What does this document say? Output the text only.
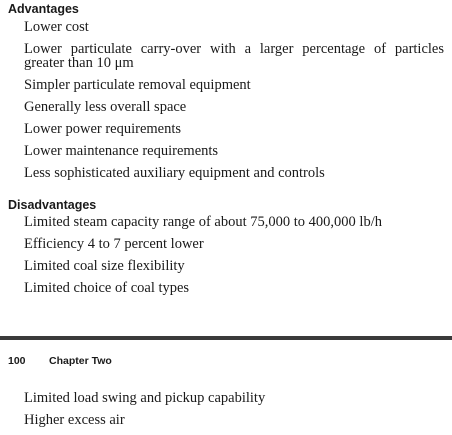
Advantages
Lower cost
Lower particulate carry-over with a larger percentage of particles greater than 10 μm
Simpler particulate removal equipment
Generally less overall space
Lower power requirements
Lower maintenance requirements
Less sophisticated auxiliary equipment and controls
Disadvantages
Limited steam capacity range of about 75,000 to 400,000 lb/h
Efficiency 4 to 7 percent lower
Limited coal size flexibility
Limited choice of coal types
100 Chapter Two
Limited load swing and pickup capability
Higher excess air
